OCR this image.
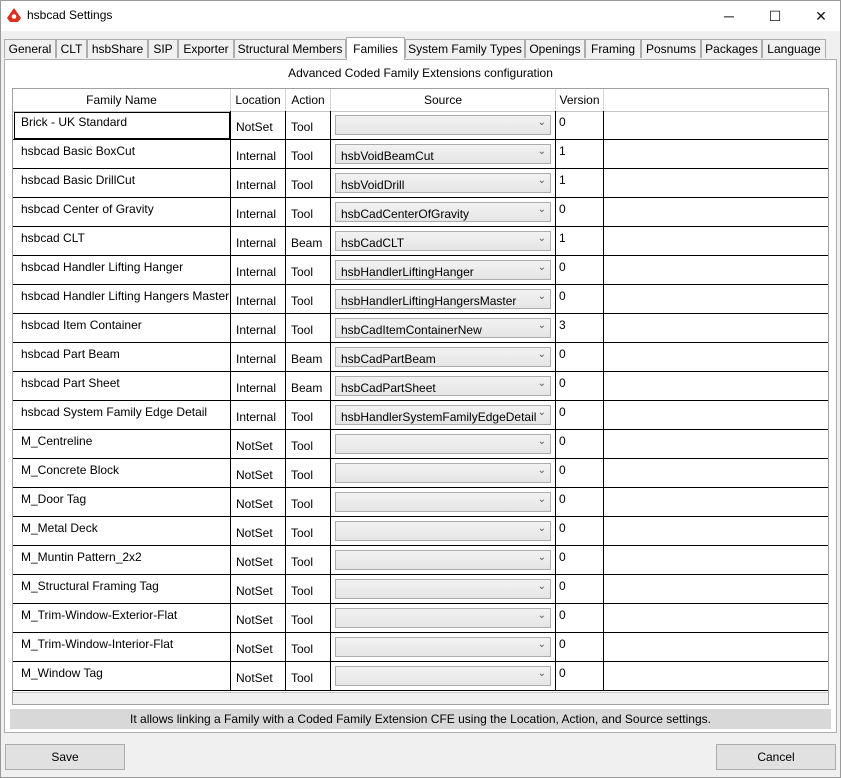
hsbcad Settings	─	☐	✕
General CLT hsbShare SIP Exporter Structural Members Families System Family Types Openings Framing Posnums Packages Language
Advanced Coded Family Extensions configuration
Family Name	Location Action	Source	Version
Brick - UK Standard	NotSet	Tool	⌄ 0
hsbcad Basic BoxCut	Internal	Tool	hsbVoidBeamCut	⌄ 1
hsbcad Basic DrillCut	Internal	Tool	hsbVoidDrill	⌄ 1
hsbcad Center of Gravity	Internal	Tool	hsbCadCenterOfGravity	⌄ 0
hsbcad CLT	Internal	Beam	hsbCadCLT	⌄ 1
hsbcad Handler Lifting Hanger	Internal	Tool	hsbHandlerLiftingHanger	⌄ 0
hsbcad Handler Lifting Hangers Master Internal	Tool	hsbHandlerLiftingHangersMaster ⌄ 0
hsbcad Item Container	Internal	Tool	hsbCadItemContainerNew	⌄ 3
hsbcad Part Beam	Internal	Beam	hsbCadPartBeam	⌄ 0
hsbcad Part Sheet	Internal	Beam	hsbCadPartSheet	⌄ 0
hsbcad System Family Edge Detail	Internal	Tool	hsbHandlerSystemFamilyEdgeDetail ⌄ 0
M_Centreline	NotSet	Tool	⌄ 0
M_Concrete Block	NotSet	Tool	⌄ 0
M_Door Tag	NotSet	Tool	⌄ 0
M_Metal Deck	NotSet	Tool	⌄ 0
M_Muntin Pattern_2x2	NotSet	Tool	⌄ 0
M_Structural Framing Tag	NotSet	Tool	⌄ 0
M_Trim-Window-Exterior-Flat	NotSet	Tool	⌄ 0
M_Trim-Window-Interior-Flat	NotSet	Tool	⌄ 0
M_Window Tag	NotSet	Tool	⌄ 0
It allows linking a Family with a Coded Family Extension CFE using the Location, Action, and Source settings.
Save	Cancel
